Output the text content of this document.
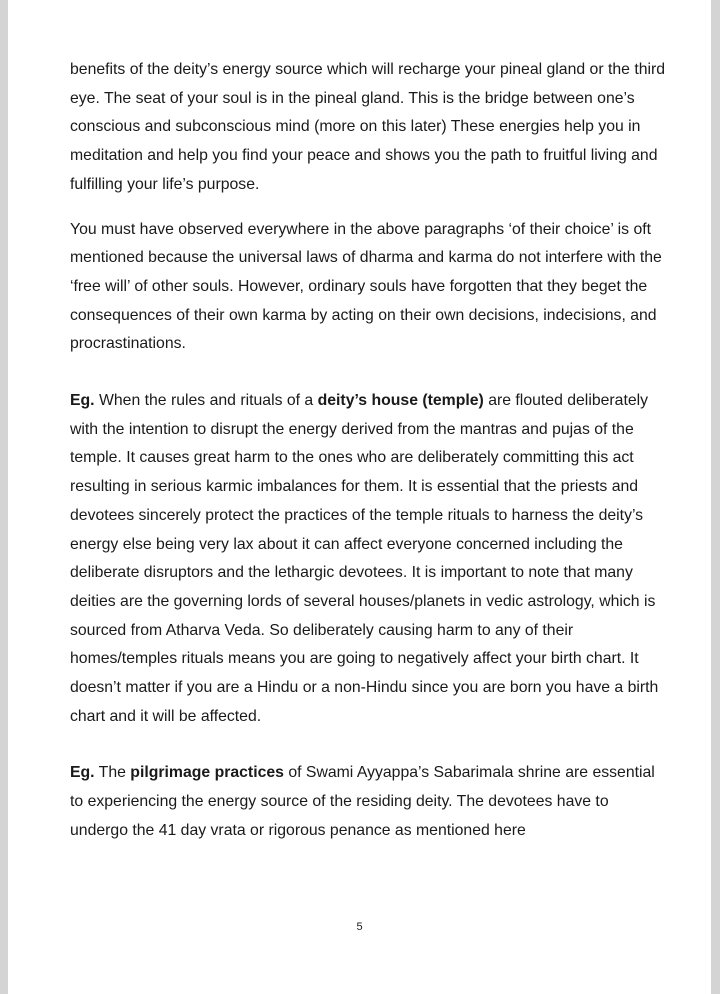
benefits of the deity’s energy source which will recharge your pineal gland or the third eye. The seat of your soul is in the pineal gland. This is the bridge between one’s conscious and subconscious mind (more on this later) These energies help you in meditation and help you find your peace and shows you the path to fruitful living and fulfilling your life’s purpose.

You must have observed everywhere in the above paragraphs ‘of their choice’ is oft mentioned because the universal laws of dharma and karma do not interfere with the ‘free will’ of other souls. However, ordinary souls have forgotten that they beget the consequences of their own karma by acting on their own decisions, indecisions, and procrastinations.

Eg. When the rules and rituals of a deity’s house (temple) are flouted deliberately with the intention to disrupt the energy derived from the mantras and pujas of the temple. It causes great harm to the ones who are deliberately committing this act resulting in serious karmic imbalances for them. It is essential that the priests and devotees sincerely protect the practices of the temple rituals to harness the deity’s energy else being very lax about it can affect everyone concerned including the deliberate disruptors and the lethargic devotees. It is important to note that many deities are the governing lords of several houses/planets in vedic astrology, which is sourced from Atharva Veda. So deliberately causing harm to any of their homes/temples rituals means you are going to negatively affect your birth chart. It doesn’t matter if you are a Hindu or a non-Hindu since you are born you have a birth chart and it will be affected.

Eg. The pilgrimage practices of Swami Ayyappa’s Sabarimala shrine are essential to experiencing the energy source of the residing deity. The devotees have to undergo the 41 day vrata or rigorous penance as mentioned here

5
